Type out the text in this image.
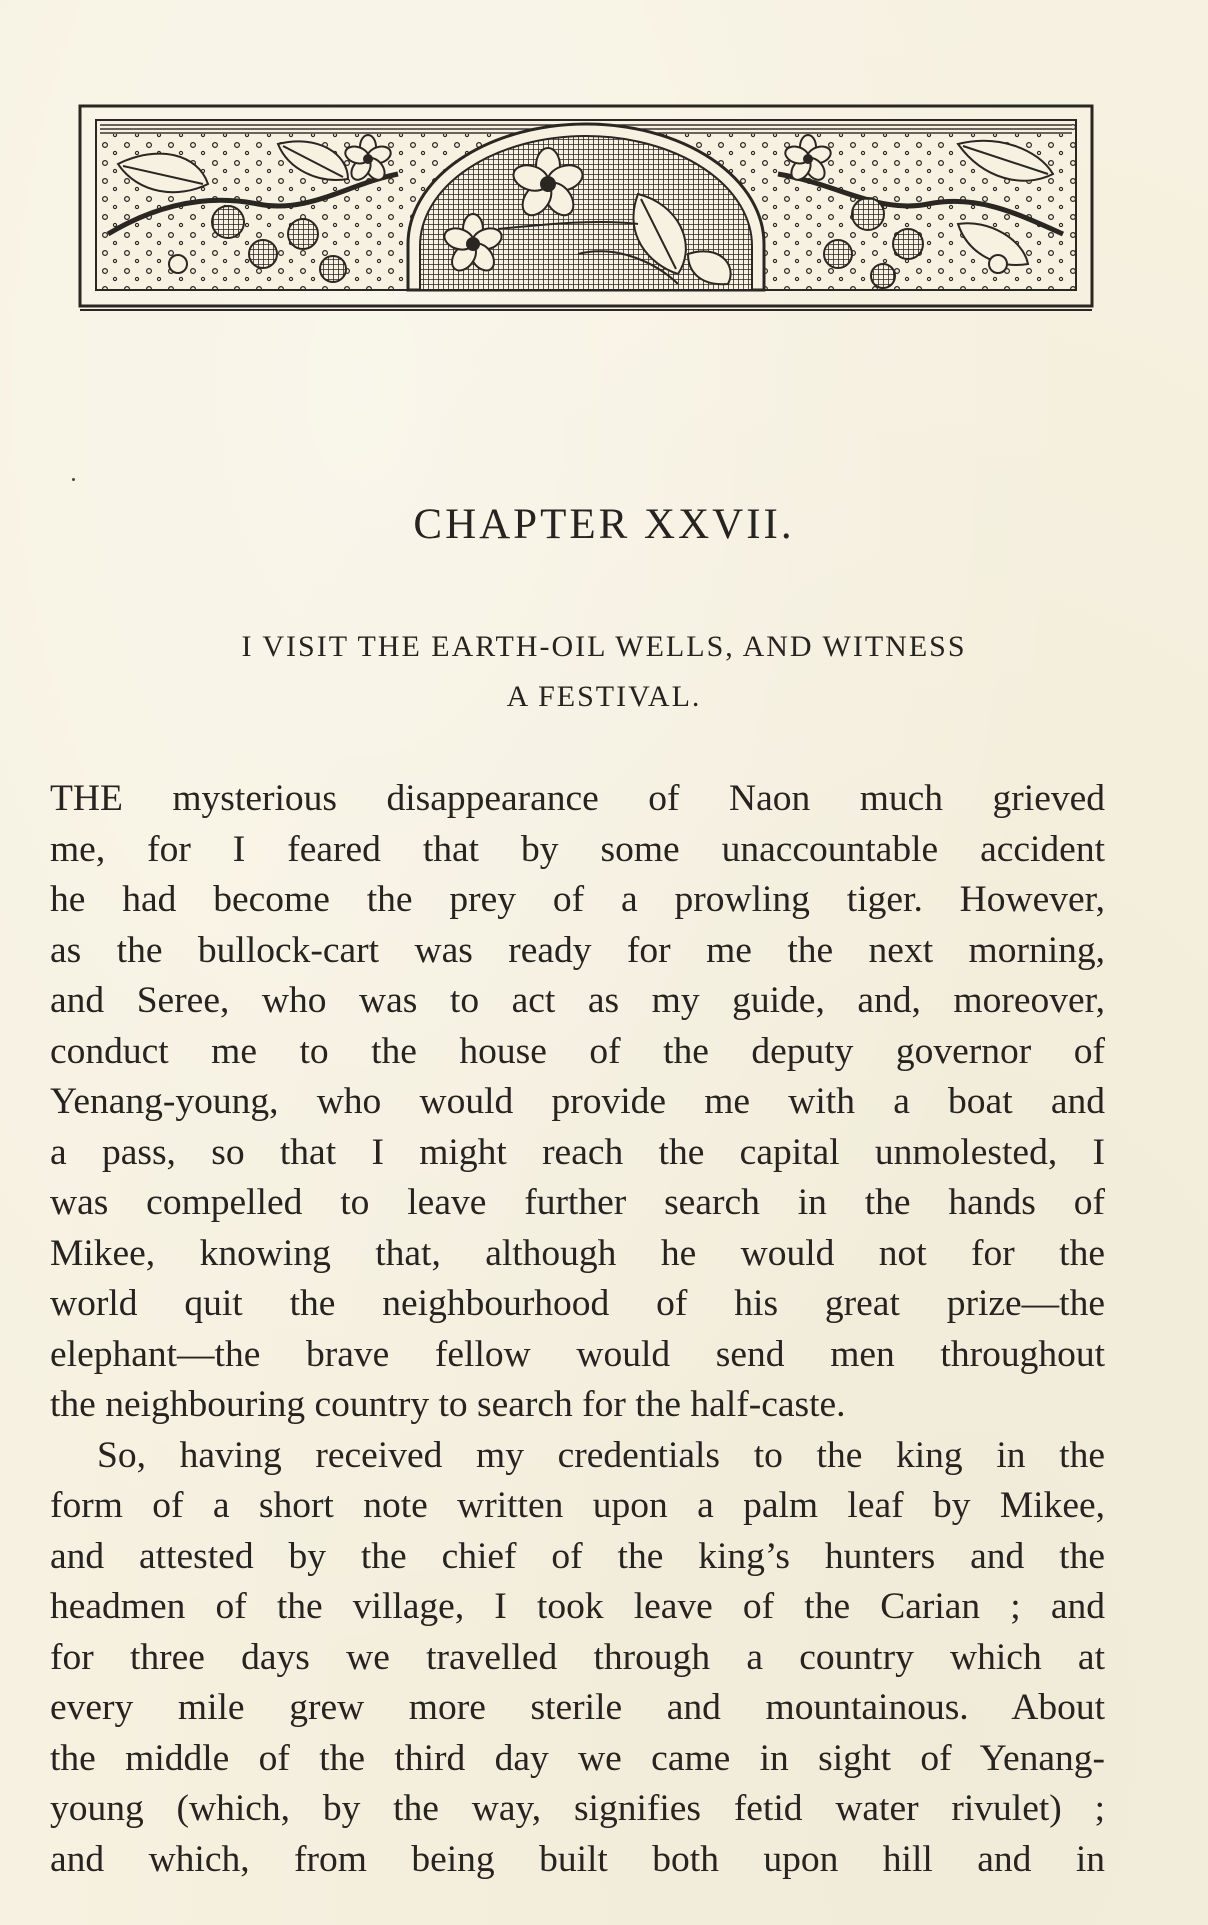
CHAPTER XXVII.
I VISIT THE EARTH-OIL WELLS, AND WITNESS
A FESTIVAL.
THE mysterious disappearance of Naon much grieved
me, for I feared that by some unaccountable accident
he had become the prey of a prowling tiger. However,
as the bullock-cart was ready for me the next morning,
and Seree, who was to act as my guide, and, moreover,
conduct me to the house of the deputy governor of
Yenang-young, who would provide me with a boat and
a pass, so that I might reach the capital unmolested, I
was compelled to leave further search in the hands of
Mikee, knowing that, although he would not for the
world quit the neighbourhood of his great prize—the
elephant—the brave fellow would send men throughout
the neighbouring country to search for the half-caste.
So, having received my credentials to the king in the
form of a short note written upon a palm leaf by Mikee,
and attested by the chief of the king’s hunters and the
headmen of the village, I took leave of the Carian ; and
for three days we travelled through a country which at
every mile grew more sterile and mountainous. About
the middle of the third day we came in sight of Yenang-
young (which, by the way, signifies fetid water rivulet) ;
and which, from being built both upon hill and in
